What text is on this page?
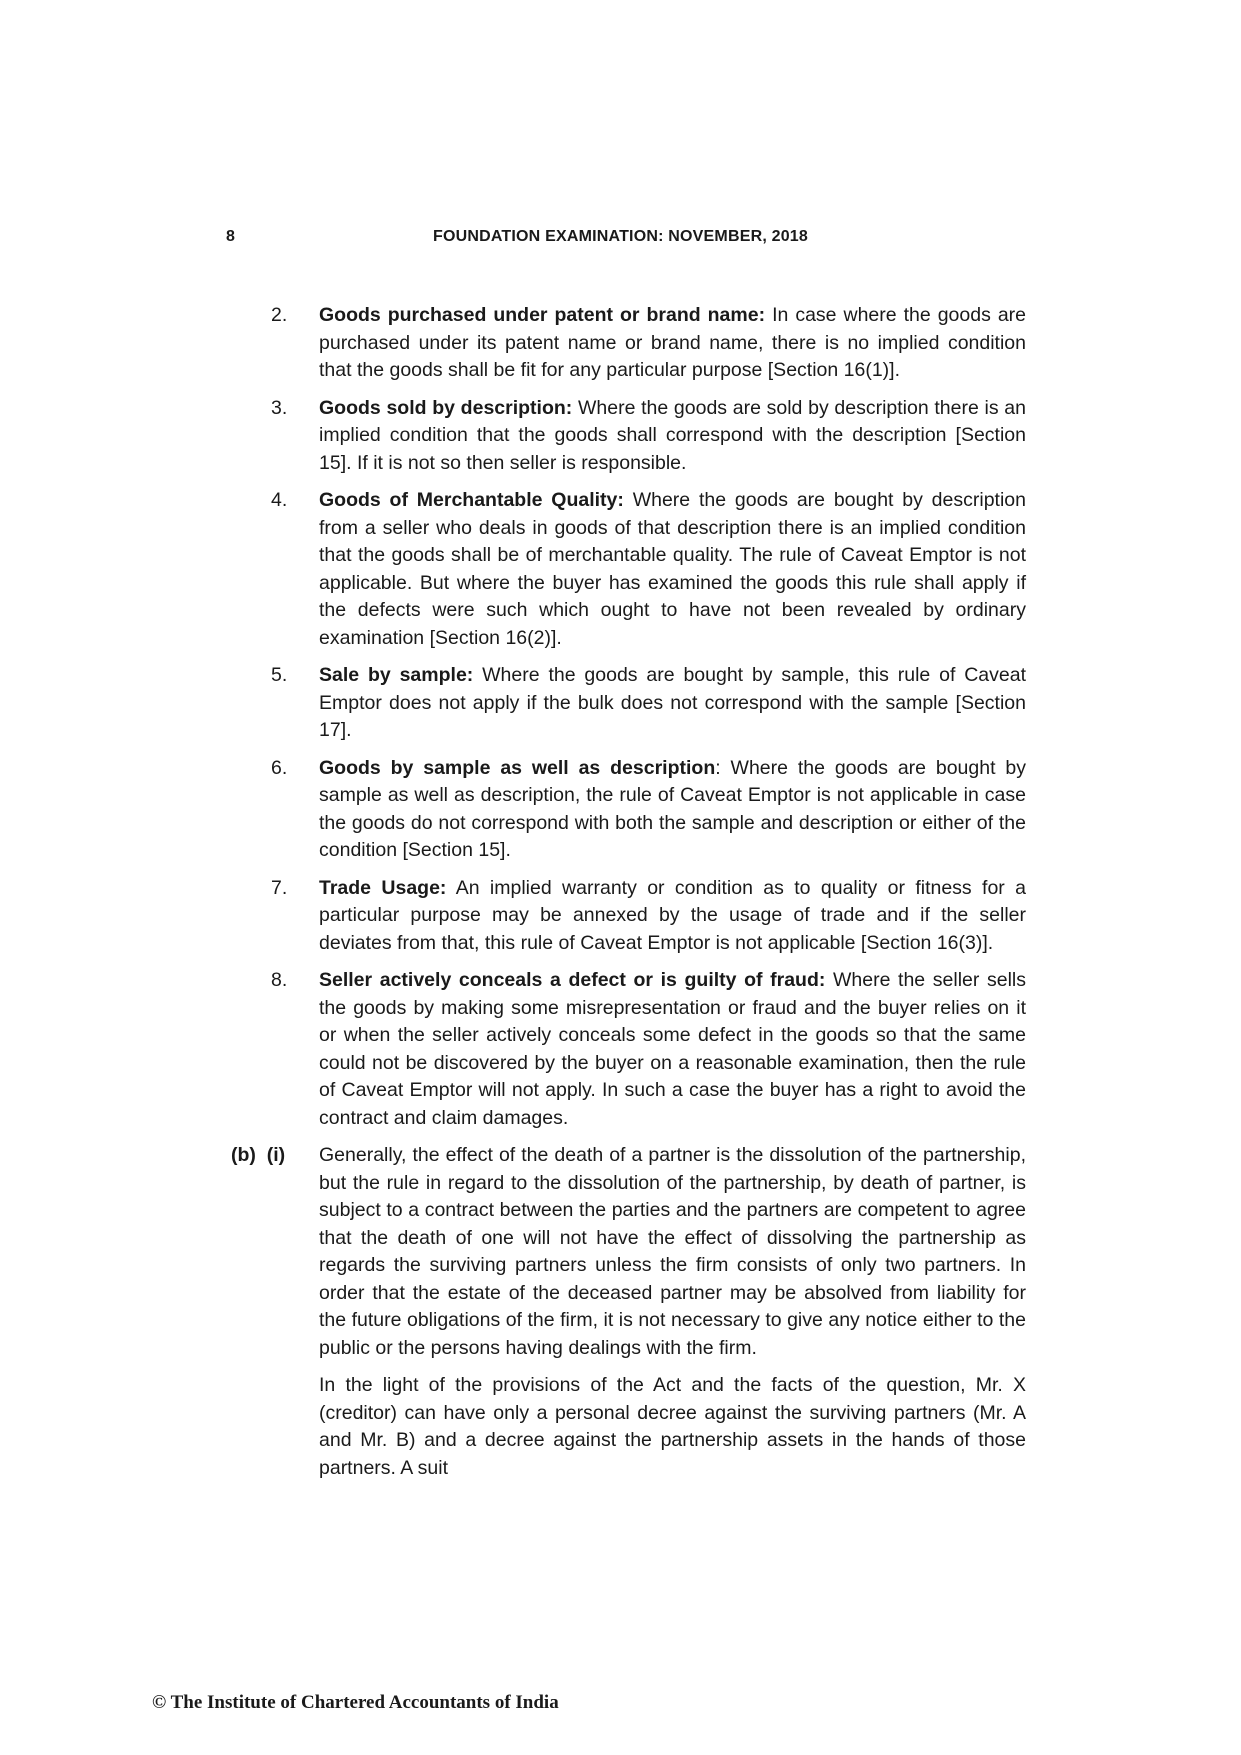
8	FOUNDATION EXAMINATION: NOVEMBER, 2018
2.	Goods purchased under patent or brand name: In case where the goods are purchased under its patent name or brand name, there is no implied condition that the goods shall be fit for any particular purpose [Section 16(1)].
3.	Goods sold by description: Where the goods are sold by description there is an implied condition that the goods shall correspond with the description [Section 15]. If it is not so then seller is responsible.
4.	Goods of Merchantable Quality: Where the goods are bought by description from a seller who deals in goods of that description there is an implied condition that the goods shall be of merchantable quality. The rule of Caveat Emptor is not applicable. But where the buyer has examined the goods this rule shall apply if the defects were such which ought to have not been revealed by ordinary examination [Section 16(2)].
5.	Sale by sample: Where the goods are bought by sample, this rule of Caveat Emptor does not apply if the bulk does not correspond with the sample [Section 17].
6.	Goods by sample as well as description: Where the goods are bought by sample as well as description, the rule of Caveat Emptor is not applicable in case the goods do not correspond with both the sample and description or either of the condition [Section 15].
7.	Trade Usage: An implied warranty or condition as to quality or fitness for a particular purpose may be annexed by the usage of trade and if the seller deviates from that, this rule of Caveat Emptor is not applicable [Section 16(3)].
8.	Seller actively conceals a defect or is guilty of fraud: Where the seller sells the goods by making some misrepresentation or fraud and the buyer relies on it or when the seller actively conceals some defect in the goods so that the same could not be discovered by the buyer on a reasonable examination, then the rule of Caveat Emptor will not apply. In such a case the buyer has a right to avoid the contract and claim damages.
(b)  (i)	Generally, the effect of the death of a partner is the dissolution of the partnership, but the rule in regard to the dissolution of the partnership, by death of partner, is subject to a contract between the parties and the partners are competent to agree that the death of one will not have the effect of dissolving the partnership as regards the surviving partners unless the firm consists of only two partners. In order that the estate of the deceased partner may be absolved from liability for the future obligations of the firm, it is not necessary to give any notice either to the public or the persons having dealings with the firm.
In the light of the provisions of the Act and the facts of the question, Mr. X (creditor) can have only a personal decree against the surviving partners (Mr. A and Mr. B) and a decree against the partnership assets in the hands of those partners. A suit
© The Institute of Chartered Accountants of India
